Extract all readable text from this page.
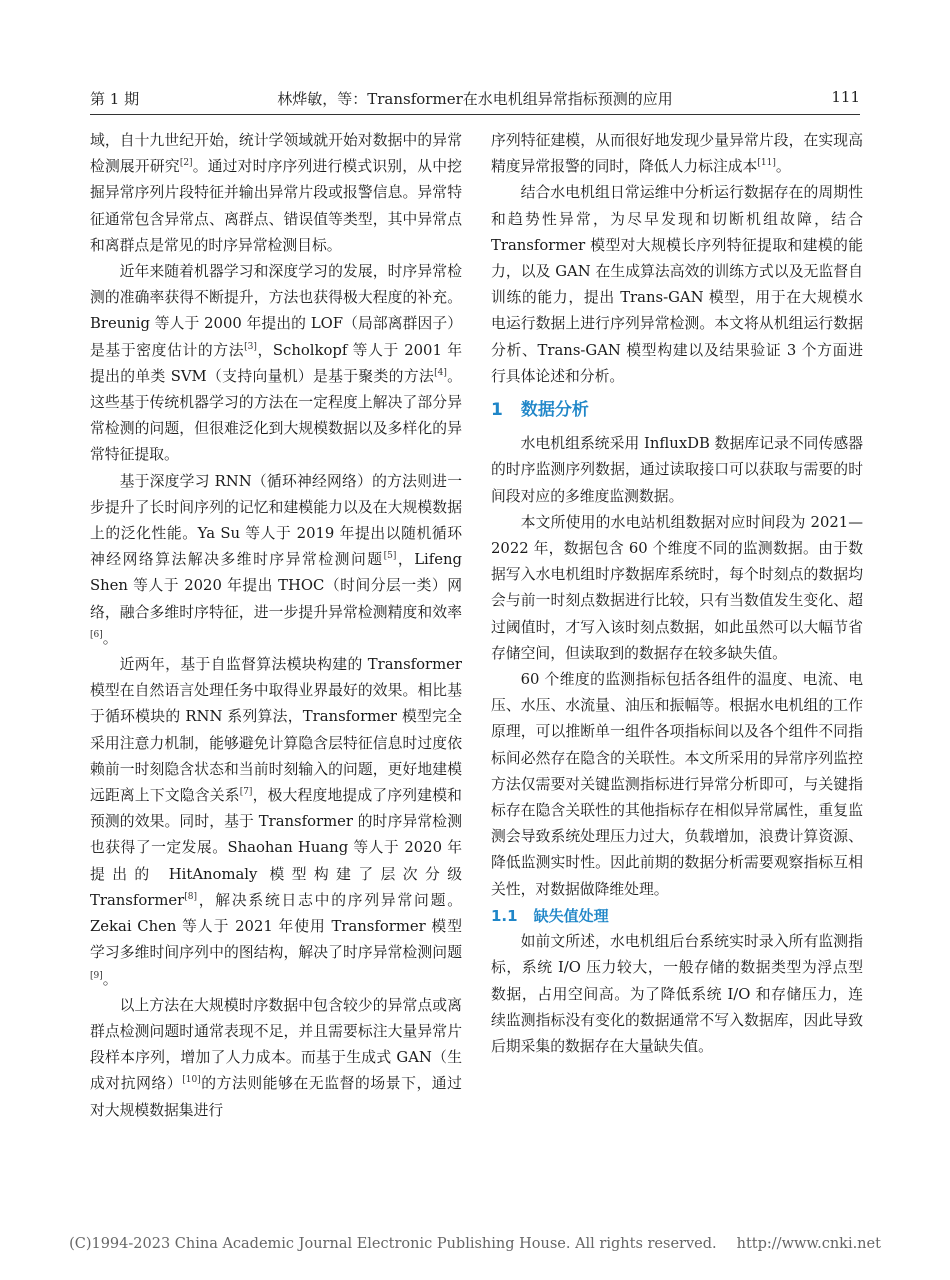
第 1 期	林烨敏，等：Transformer在水电机组异常指标预测的应用	111

域，自十九世纪开始，统计学领域就开始对数据中的异常检测展开研究[2]。通过对时序序列进行模式识别，从中挖掘异常序列片段特征并输出异常片段或报警信息。异常特征通常包含异常点、离群点、错误值等类型，其中异常点和离群点是常见的时序异常检测目标。

近年来随着机器学习和深度学习的发展，时序异常检测的准确率获得不断提升，方法也获得极大程度的补充。Breunig 等人于 2000 年提出的 LOF（局部离群因子）是基于密度估计的方法[3]，Scholkopf 等人于 2001 年提出的单类 SVM（支持向量机）是基于聚类的方法[4]。这些基于传统机器学习的方法在一定程度上解决了部分异常检测的问题，但很难泛化到大规模数据以及多样化的异常特征提取。

基于深度学习 RNN（循环神经网络）的方法则进一步提升了长时间序列的记忆和建模能力以及在大规模数据上的泛化性能。Ya Su 等人于 2019 年提出以随机循环神经网络算法解决多维时序异常检测问题[5]，Lifeng Shen 等人于 2020 年提出 THOC（时间分层一类）网络，融合多维时序特征，进一步提升异常检测精度和效率[6]。

近两年，基于自监督算法模块构建的 Transformer 模型在自然语言处理任务中取得业界最好的效果。相比基于循环模块的 RNN 系列算法，Transformer 模型完全采用注意力机制，能够避免计算隐含层特征信息时过度依赖前一时刻隐含状态和当前时刻输入的问题，更好地建模远距离上下文隐含关系[7]，极大程度地提成了序列建模和预测的效果。同时，基于 Transformer 的时序异常检测也获得了一定发展。Shaohan Huang 等人于 2020 年提出的 HitAnomaly 模型构建了层次分级 Transformer[8]，解决系统日志中的序列异常问题。Zekai Chen 等人于 2021 年使用 Transformer 模型学习多维时间序列中的图结构，解决了时序异常检测问题[9]。

以上方法在大规模时序数据中包含较少的异常点或离群点检测问题时通常表现不足，并且需要标注大量异常片段样本序列，增加了人力成本。而基于生成式 GAN（生成对抗网络）[10]的方法则能够在无监督的场景下，通过对大规模数据集进行

序列特征建模，从而很好地发现少量异常片段，在实现高精度异常报警的同时，降低人力标注成本[11]。

结合水电机组日常运维中分析运行数据存在的周期性和趋势性异常，为尽早发现和切断机组故障，结合 Transformer 模型对大规模长序列特征提取和建模的能力，以及 GAN 在生成算法高效的训练方式以及无监督自训练的能力，提出 Trans-GAN 模型，用于在大规模水电运行数据上进行序列异常检测。本文将从机组运行数据分析、Trans-GAN 模型构建以及结果验证 3 个方面进行具体论述和分析。

1 数据分析

水电机组系统采用 InfluxDB 数据库记录不同传感器的时序监测序列数据，通过读取接口可以获取与需要的时间段对应的多维度监测数据。

本文所使用的水电站机组数据对应时间段为 2021—2022 年，数据包含 60 个维度不同的监测数据。由于数据写入水电机组时序数据库系统时，每个时刻点的数据均会与前一时刻点数据进行比较，只有当数值发生变化、超过阈值时，才写入该时刻点数据，如此虽然可以大幅节省存储空间，但读取到的数据存在较多缺失值。

60 个维度的监测指标包括各组件的温度、电流、电压、水压、水流量、油压和振幅等。根据水电机组的工作原理，可以推断单一组件各项指标间以及各个组件不同指标间必然存在隐含的关联性。本文所采用的异常序列监控方法仅需要对关键监测指标进行异常分析即可，与关键指标存在隐含关联性的其他指标存在相似异常属性，重复监测会导致系统处理压力过大，负载增加，浪费计算资源、降低监测实时性。因此前期的数据分析需要观察指标互相关性，对数据做降维处理。

1.1 缺失值处理

如前文所述，水电机组后台系统实时录入所有监测指标，系统 I/O 压力较大，一般存储的数据类型为浮点型数据，占用空间高。为了降低系统 I/O 和存储压力，连续监测指标没有变化的数据通常不写入数据库，因此导致后期采集的数据存在大量缺失值。

(C)1994-2023 China Academic Journal Electronic Publishing House. All rights reserved. http://www.cnki.net
